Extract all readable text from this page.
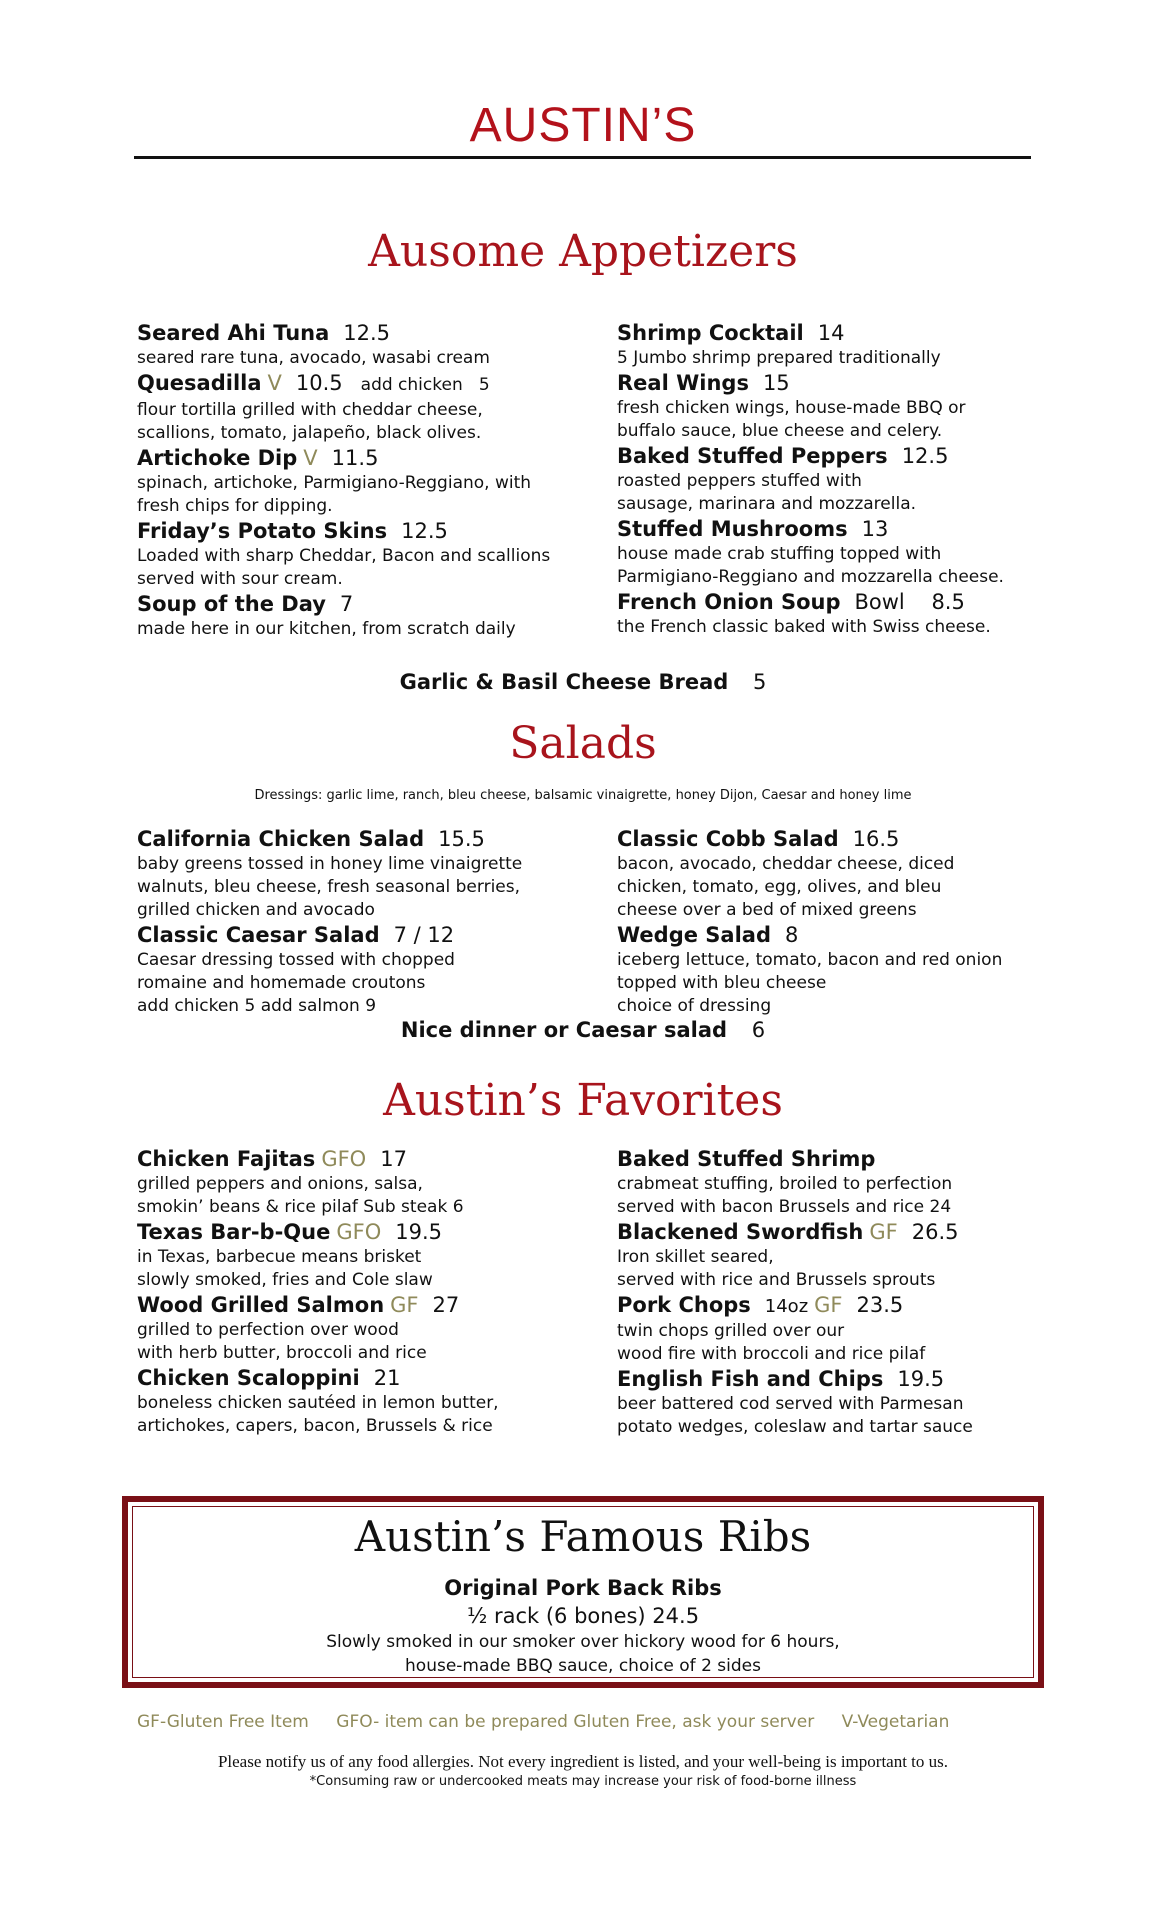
AUSTIN’S
Ausome Appetizers
Seared Ahi Tuna 12.5
seared rare tuna, avocado, wasabi cream
Quesadilla V 10.5 add chicken   5
flour tortilla grilled with cheddar cheese,
scallions, tomato, jalapeño, black olives.
Artichoke Dip V 11.5
spinach, artichoke, Parmigiano-Reggiano, with
fresh chips for dipping.
Friday’s Potato Skins 12.5
Loaded with sharp Cheddar, Bacon and scallions
served with sour cream.
Soup of the Day 7
made here in our kitchen, from scratch daily
Shrimp Cocktail 14
5 Jumbo shrimp prepared traditionally
Real Wings 15
fresh chicken wings, house-made BBQ or
buffalo sauce, blue cheese and celery.
Baked Stuffed Peppers 12.5
roasted peppers stuffed with
sausage, marinara and mozzarella.
Stuffed Mushrooms 13
house made crab stuffing topped with
Parmigiano-Reggiano and mozzarella cheese.
French Onion Soup Bowl    8.5
the French classic baked with Swiss cheese.
Garlic & Basil Cheese Bread 5
Salads
Dressings: garlic lime, ranch, bleu cheese, balsamic vinaigrette, honey Dijon, Caesar and honey lime
California Chicken Salad 15.5
baby greens tossed in honey lime vinaigrette
walnuts, bleu cheese, fresh seasonal berries,
grilled chicken and avocado
Classic Caesar Salad 7 / 12
Caesar dressing tossed with chopped
romaine and homemade croutons
add chicken 5 add salmon 9
Classic Cobb Salad 16.5
bacon, avocado, cheddar cheese, diced
chicken, tomato, egg, olives, and bleu
cheese over a bed of mixed greens
Wedge Salad 8
iceberg lettuce, tomato, bacon and red onion
topped with bleu cheese
choice of dressing
Nice dinner or Caesar salad 6
Austin’s Favorites
Chicken Fajitas GFO 17
grilled peppers and onions, salsa,
smokin’ beans & rice pilaf Sub steak 6
Texas Bar-b-Que GFO 19.5
in Texas, barbecue means brisket
slowly smoked, fries and Cole slaw
Wood Grilled Salmon GF 27
grilled to perfection over wood
with herb butter, broccoli and rice
Chicken Scaloppini 21
boneless chicken sautéed in lemon butter,
artichokes, capers, bacon, Brussels & rice
Baked Stuffed Shrimp
crabmeat stuffing, broiled to perfection
served with bacon Brussels and rice 24
Blackened Swordfish GF 26.5
Iron skillet seared,
served with rice and Brussels sprouts
Pork Chops 14oz GF 23.5
twin chops grilled over our
wood fire with broccoli and rice pilaf
English Fish and Chips 19.5
beer battered cod served with Parmesan
potato wedges, coleslaw and tartar sauce
Austin’s Famous Ribs
Original Pork Back Ribs
½ rack (6 bones) 24.5
Slowly smoked in our smoker over hickory wood for 6 hours,
house-made BBQ sauce, choice of 2 sides
GF-Gluten Free Item GFO- item can be prepared Gluten Free, ask your server V-Vegetarian
Please notify us of any food allergies. Not every ingredient is listed, and your well-being is important to us.
*Consuming raw or undercooked meats may increase your risk of food-borne illness
